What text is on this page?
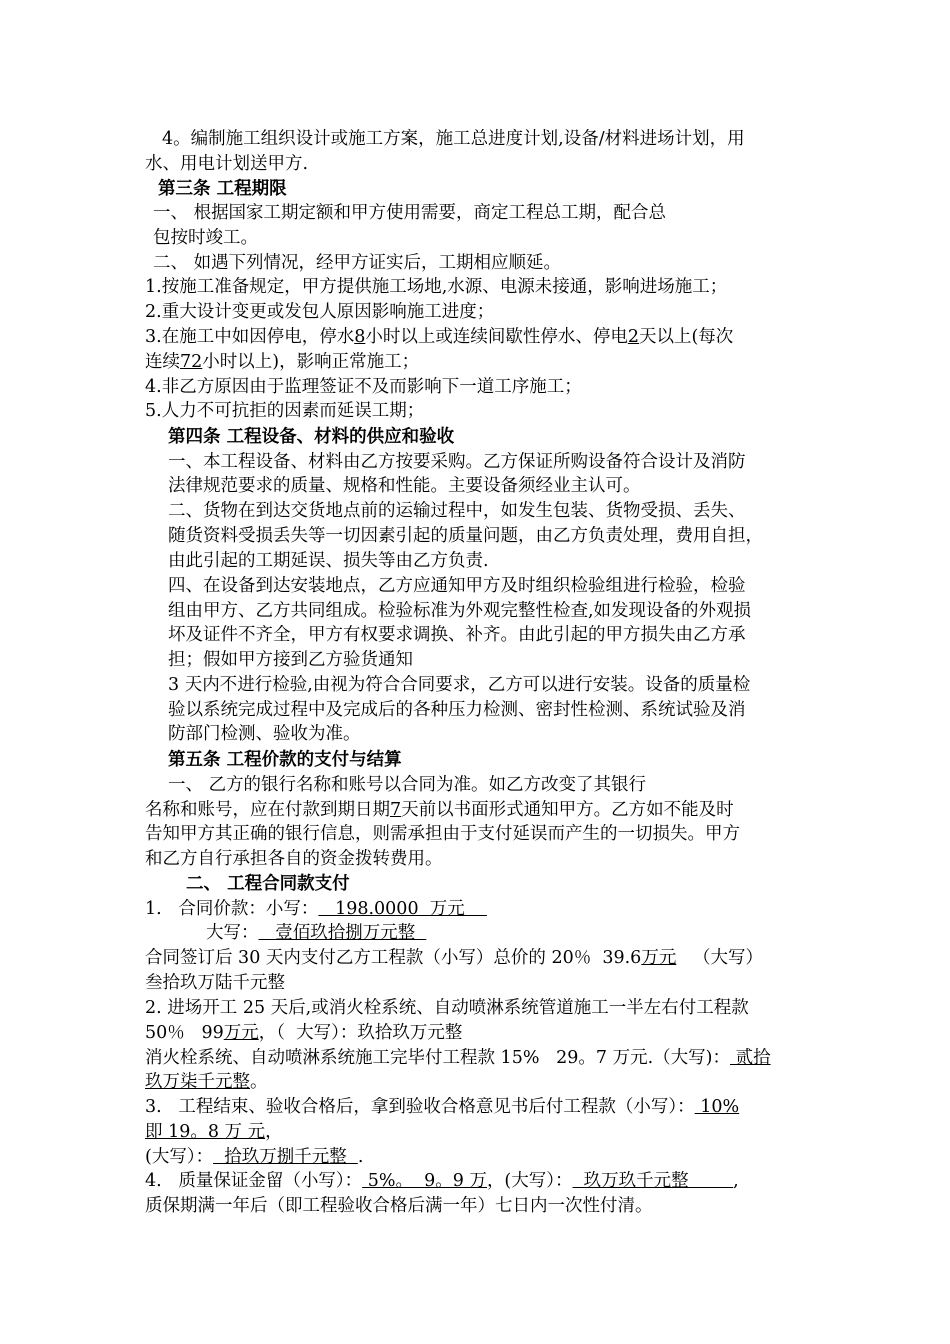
4。编制施工组织设计或施工方案，施工总进度计划,设备/材料进场计划，用
水、用电计划送甲方.
第三条 工程期限
一、 根据国家工期定额和甲方使用需要，商定工程总工期，配合总
包按时竣工。
二、 如遇下列情况，经甲方证实后，工期相应顺延。
1.按施工准备规定，甲方提供施工场地,水源、电源未接通，影响进场施工；
2.重大设计变更或发包人原因影响施工进度；
3.在施工中如因停电，停水8小时以上或连续间歇性停水、停电2天以上(每次
连续72小时以上)，影响正常施工；
4.非乙方原因由于监理签证不及而影响下一道工序施工；
5.人力不可抗拒的因素而延误工期；
第四条 工程设备、材料的供应和验收
一、本工程设备、材料由乙方按要采购。乙方保证所购设备符合设计及消防
法律规范要求的质量、规格和性能。主要设备须经业主认可。
二、货物在到达交货地点前的运输过程中，如发生包装、货物受损、丢失、
随货资料受损丢失等一切因素引起的质量问题，由乙方负责处理，费用自担，
由此引起的工期延误、损失等由乙方负责.
四、在设备到达安装地点，乙方应通知甲方及时组织检验组进行检验，检验
组由甲方、乙方共同组成。检验标准为外观完整性检查,如发现设备的外观损
坏及证件不齐全，甲方有权要求调换、补齐。由此引起的甲方损失由乙方承
担；假如甲方接到乙方验货通知
3 天内不进行检验,由视为符合合同要求，乙方可以进行安装。设备的质量检
验以系统完成过程中及完成后的各种压力检测、密封性检测、系统试验及消
防部门检测、验收为准。
第五条 工程价款的支付与结算
一、 乙方的银行名称和账号以合同为准。如乙方改变了其银行
名称和账号，应在付款到期日期7天前以书面形式通知甲方。乙方如不能及时
告知甲方其正确的银行信息，则需承担由于支付延误而产生的一切损失。甲方
和乙方自行承担各自的资金拨转费用。
二、 工程合同款支付
1.   合同价款：小写：   198.0000  万元
大写：   壹佰玖拾捌万元整
合同签订后 30 天内支付乙方工程款（小写）总价的 20％  39.6万元   （大写）
叁拾玖万陆千元整
2. 进场开工 25 天后,或消火栓系统、自动喷淋系统管道施工一半左右付工程款
50％   99万元，（  大写）：玖拾玖万元整
消火栓系统、自动喷淋系统施工完毕付工程款 15%   29。7 万元.（大写)： 贰拾
玖万柒千元整。
3.   工程结束、验收合格后，拿到验收合格意见书后付工程款（小写）： 10%
即 19。8 万 元，
(大写）：  拾玖万捌千元整  .
4.   质量保证金留（小写）： 5%。  9。9 万，(大写）：  玖万玖千元整        ,
质保期满一年后（即工程验收合格后满一年）七日内一次性付清。
